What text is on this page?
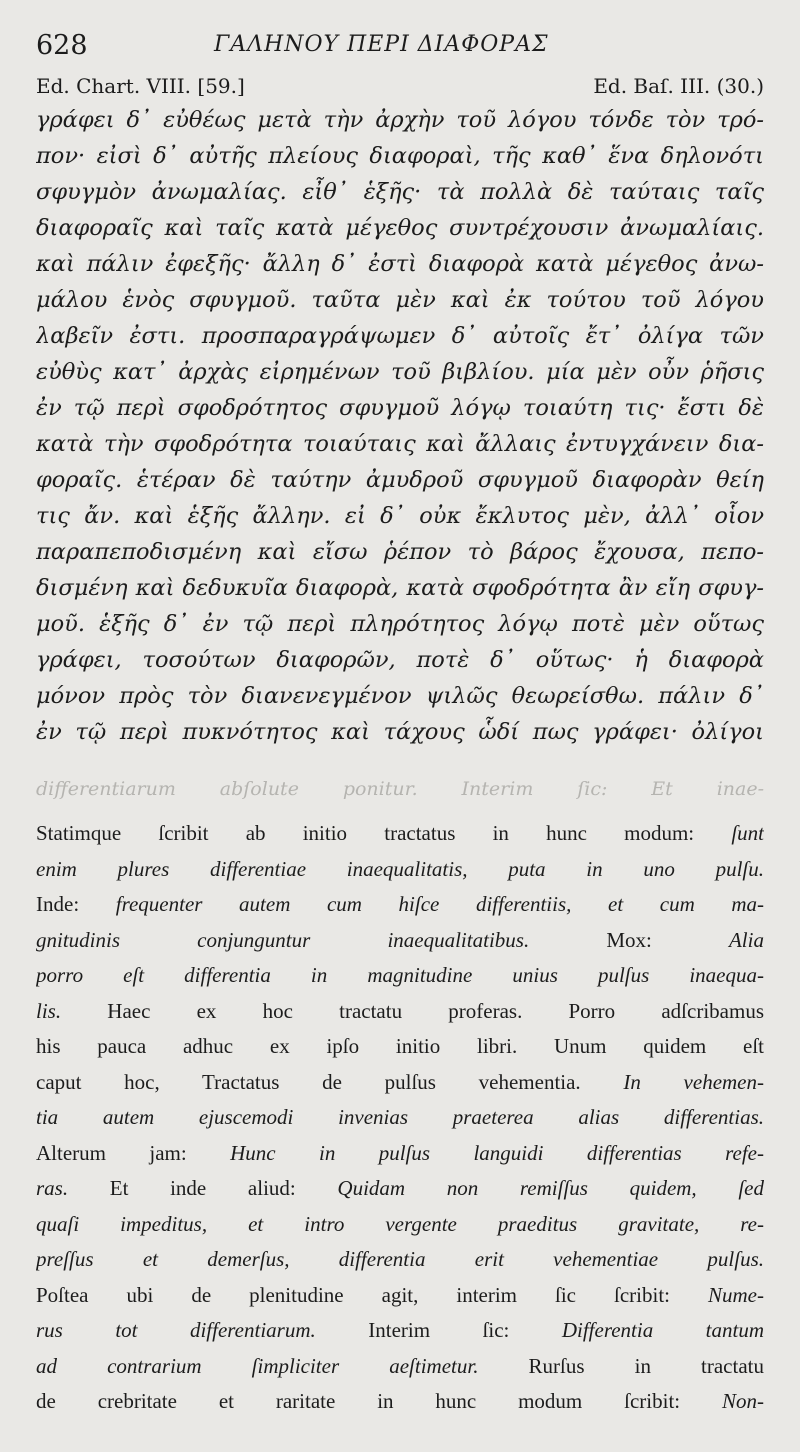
628	ΓΑΛΗΝΟΥ ΠΕΡΙ ΔΙΑΦΟΡΑΣ
Ed. Chart. VIII. [59.]	Ed. Baſ. III. (30.)
γράφει δ᾽ εὐθέως μετὰ τὴν ἀρχὴν τοῦ λόγου τόνδε τὸν τρό-
πον· εἰσὶ δ᾽ αὐτῆς πλείους διαφοραὶ, τῆς καθ᾽ ἕνα δηλονότι
σφυγμὸν ἀνωμαλίας. εἶθ᾽ ἑξῆς· τὰ πολλὰ δὲ ταύταις ταῖς
διαφοραῖς καὶ ταῖς κατὰ μέγεθος συντρέχουσιν ἀνωμαλίαις.
καὶ πάλιν ἐφεξῆς· ἄλλη δ᾽ ἐστὶ διαφορὰ κατὰ μέγεθος ἀνω-
μάλου ἑνὸς σφυγμοῦ. ταῦτα μὲν καὶ ἐκ τούτου τοῦ λόγου
λαβεῖν ἐστι. προσπαραγράψωμεν δ᾽ αὐτοῖς ἔτ᾽ ὀλίγα τῶν
εὐθὺς κατ᾽ ἀρχὰς εἰρημένων τοῦ βιβλίου. μία μὲν οὖν ῥῆσις
ἐν τῷ περὶ σφοδρότητος σφυγμοῦ λόγῳ τοιαύτη τις· ἔστι δὲ
κατὰ τὴν σφοδρότητα τοιαύταις καὶ ἄλλαις ἐντυγχάνειν δια-
φοραῖς. ἑτέραν δὲ ταύτην ἀμυδροῦ σφυγμοῦ διαφορὰν θείη
τις ἄν. καὶ ἑξῆς ἄλλην. εἰ δ᾽ οὐκ ἔκλυτος μὲν, ἀλλ᾽ οἷον
παραπεποδισμένη καὶ εἴσω ῥέπον τὸ βάρος ἔχουσα, πεπο-
δισμένη καὶ δεδυκυῖα διαφορὰ, κατὰ σφοδρότητα ἂν εἴη σφυγ-
μοῦ. ἑξῆς δ᾽ ἐν τῷ περὶ πληρότητος λόγῳ ποτὲ μὲν οὕτως
γράφει, τοσούτων διαφορῶν, ποτὲ δ᾽ οὕτως· ἡ διαφορὰ
μόνον πρὸς τὸν διανενεγμένον ψιλῶς θεωρείσθω. πάλιν δ᾽
ἐν τῷ περὶ πυκνότητος καὶ τάχους ὧδί πως γράφει· ὀλίγοι
differentiarum abſolute ponitur. Interim ſic: Et inae-
Statimque ſcribit ab initio tractatus in hunc modum: ſunt
enim plures differentiae inaequalitatis, puta in uno pulſu.
Inde: frequenter autem cum hiſce differentiis, et cum ma-
gnitudinis conjunguntur inaequalitatibus. Mox: Alia
porro eſt differentia in magnitudine unius pulſus inaequa-
lis. Haec ex hoc tractatu proferas. Porro adſcribamus
his pauca adhuc ex ipſo initio libri. Unum quidem eſt
caput hoc, Tractatus de pulſus vehementia. In vehemen-
tia autem ejuscemodi invenias praeterea alias differentias.
Alterum jam: Hunc in pulſus languidi differentias refe-
ras. Et inde aliud: Quidam non remiſſus quidem, ſed
quaſi impeditus, et intro vergente praeditus gravitate, re-
preſſus et demerſus, differentia erit vehementiae pulſus.
Poſtea ubi de plenitudine agit, interim ſic ſcribit: Nume-
rus tot differentiarum. Interim ſic: Differentia tantum
ad contrarium ſimpliciter aeſtimetur. Rurſus in tractatu
de crebritate et raritate in hunc modum ſcribit: Non-
